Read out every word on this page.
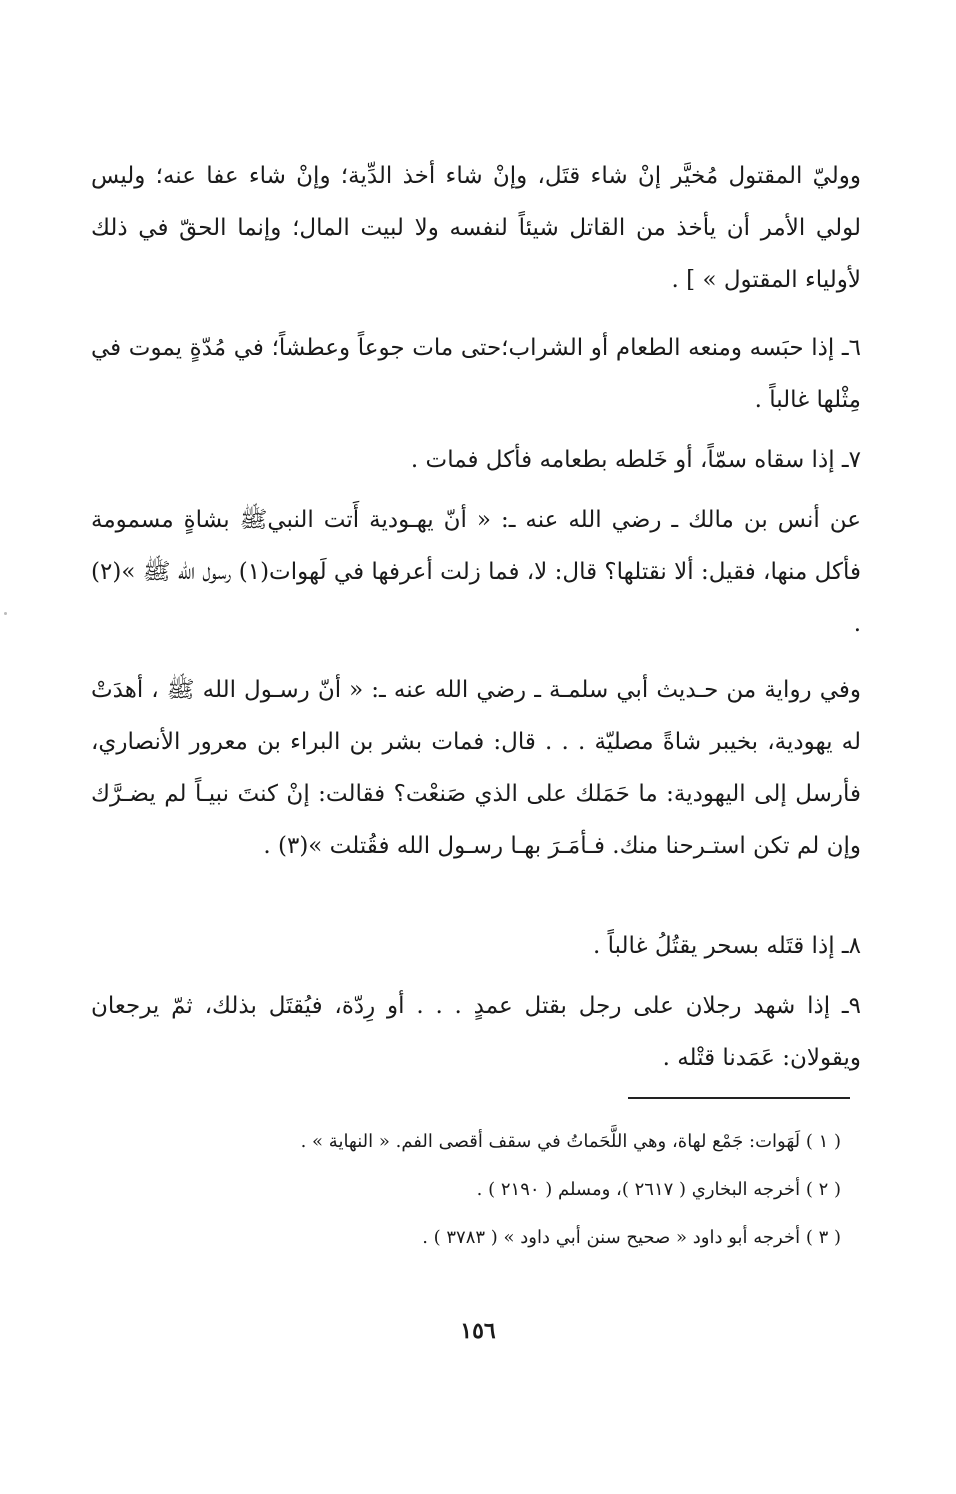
ووليّ المقتول مُخيَّر إنْ شاء قتَل، وإنْ شاء أخذ الدِّية؛ وإنْ شاء عفا عنه؛ وليس لولي الأمر أن يأخذ من القاتل شيئاً لنفسه ولا لبيت المال؛ وإنما الحقّ في ذلك لأولياء المقتول » ] .

٦ـ إذا حبَسه ومنعه الطعام أو الشراب؛حتى مات جوعاً وعطشاً؛ في مُدّةٍ يموت في مِثْلها غالباً .

٧ـ إذا سقاه سمّاً، أو خَلطه بطعامه فأكل فمات .

عن أنس بن مالك ـ رضي الله عنه ـ: « أنّ يهـودية أَتت النبيﷺ بشاةٍ مسمومة فأكل منها، فقيل: ألا نقتلها؟ قال: لا، فما زلت أعرفها في لَهوات(١) رسول الله ﷺ »(٢) .

وفي رواية من حـديث أبي سلمـة ـ رضي الله عنه ـ: « أنّ رسـول الله ﷺ ، أهدَتْ له يهودية، بخيبر شاةً مصليّة . . . قال: فمات بشر بن البراء بن معرور الأنصاري، فأرسل إلى اليهودية: ما حَمَلك على الذي صَنعْت؟ فقالت: إنْ كنتَ نبيـاً لم يضـرَّك وإن لم تكن استـرحنا منك. فـأمَـرَ بهـا رسـول الله فقُتلت »(٣) .

٨ـ إذا قتَله بسحر يقتُلُ غالباً .

٩ـ إذا شهد رجلان على رجل بقتل عمدٍ . . . أو رِدّة، فيُقتَل بذلك، ثمّ يرجعان ويقولان: عَمَدنا قتْله .

( ١ ) لَهَوات: جَمْع لهاة، وهي اللَّحَماتُ في سقف أقصى الفم. « النهاية » .

( ٢ ) أخرجه البخاري ( ٢٦١٧ )، ومسلم ( ٢١٩٠ ) .

( ٣ ) أخرجه أبو داود « صحيح سنن أبي داود » ( ٣٧٨٣ ) .

١٥٦
